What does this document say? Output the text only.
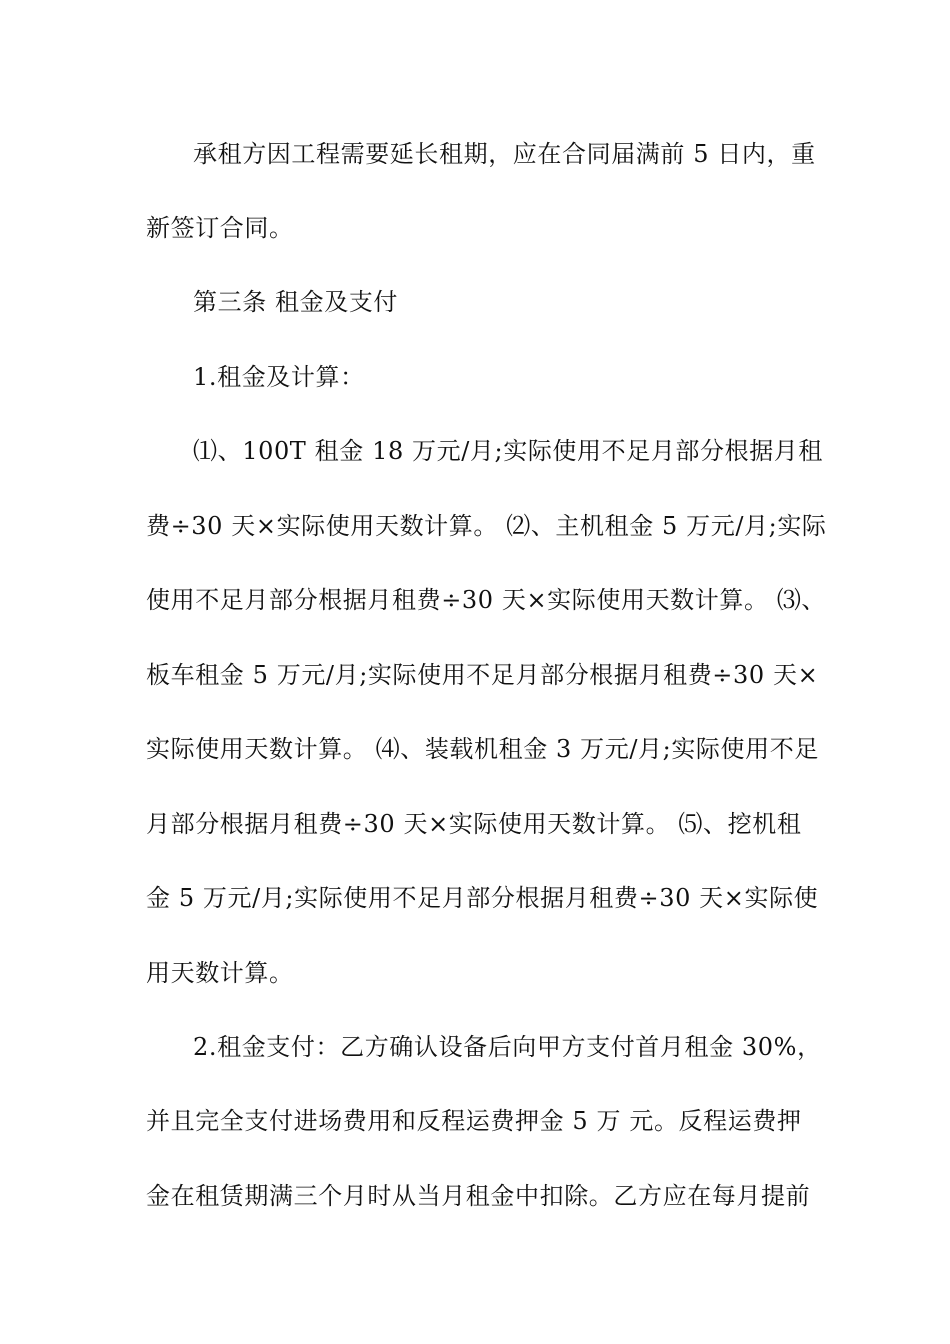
承租方因工程需要延长租期，应在合同届满前 5 日内，重
新签订合同。
第三条 租金及支付
1.租金及计算：
⑴、100T 租金 18 万元/月;实际使用不足月部分根据月租
费÷30 天×实际使用天数计算。 ⑵、主机租金 5 万元/月;实际
使用不足月部分根据月租费÷30 天×实际使用天数计算。 ⑶、
板车租金 5 万元/月;实际使用不足月部分根据月租费÷30 天×
实际使用天数计算。 ⑷、装载机租金 3 万元/月;实际使用不足
月部分根据月租费÷30 天×实际使用天数计算。 ⑸、挖机租
金 5 万元/月;实际使用不足月部分根据月租费÷30 天×实际使
用天数计算。
2.租金支付：乙方确认设备后向甲方支付首月租金 30%，
并且完全支付进场费用和反程运费押金 5 万 元。反程运费押
金在租赁期满三个月时从当月租金中扣除。乙方应在每月提前
